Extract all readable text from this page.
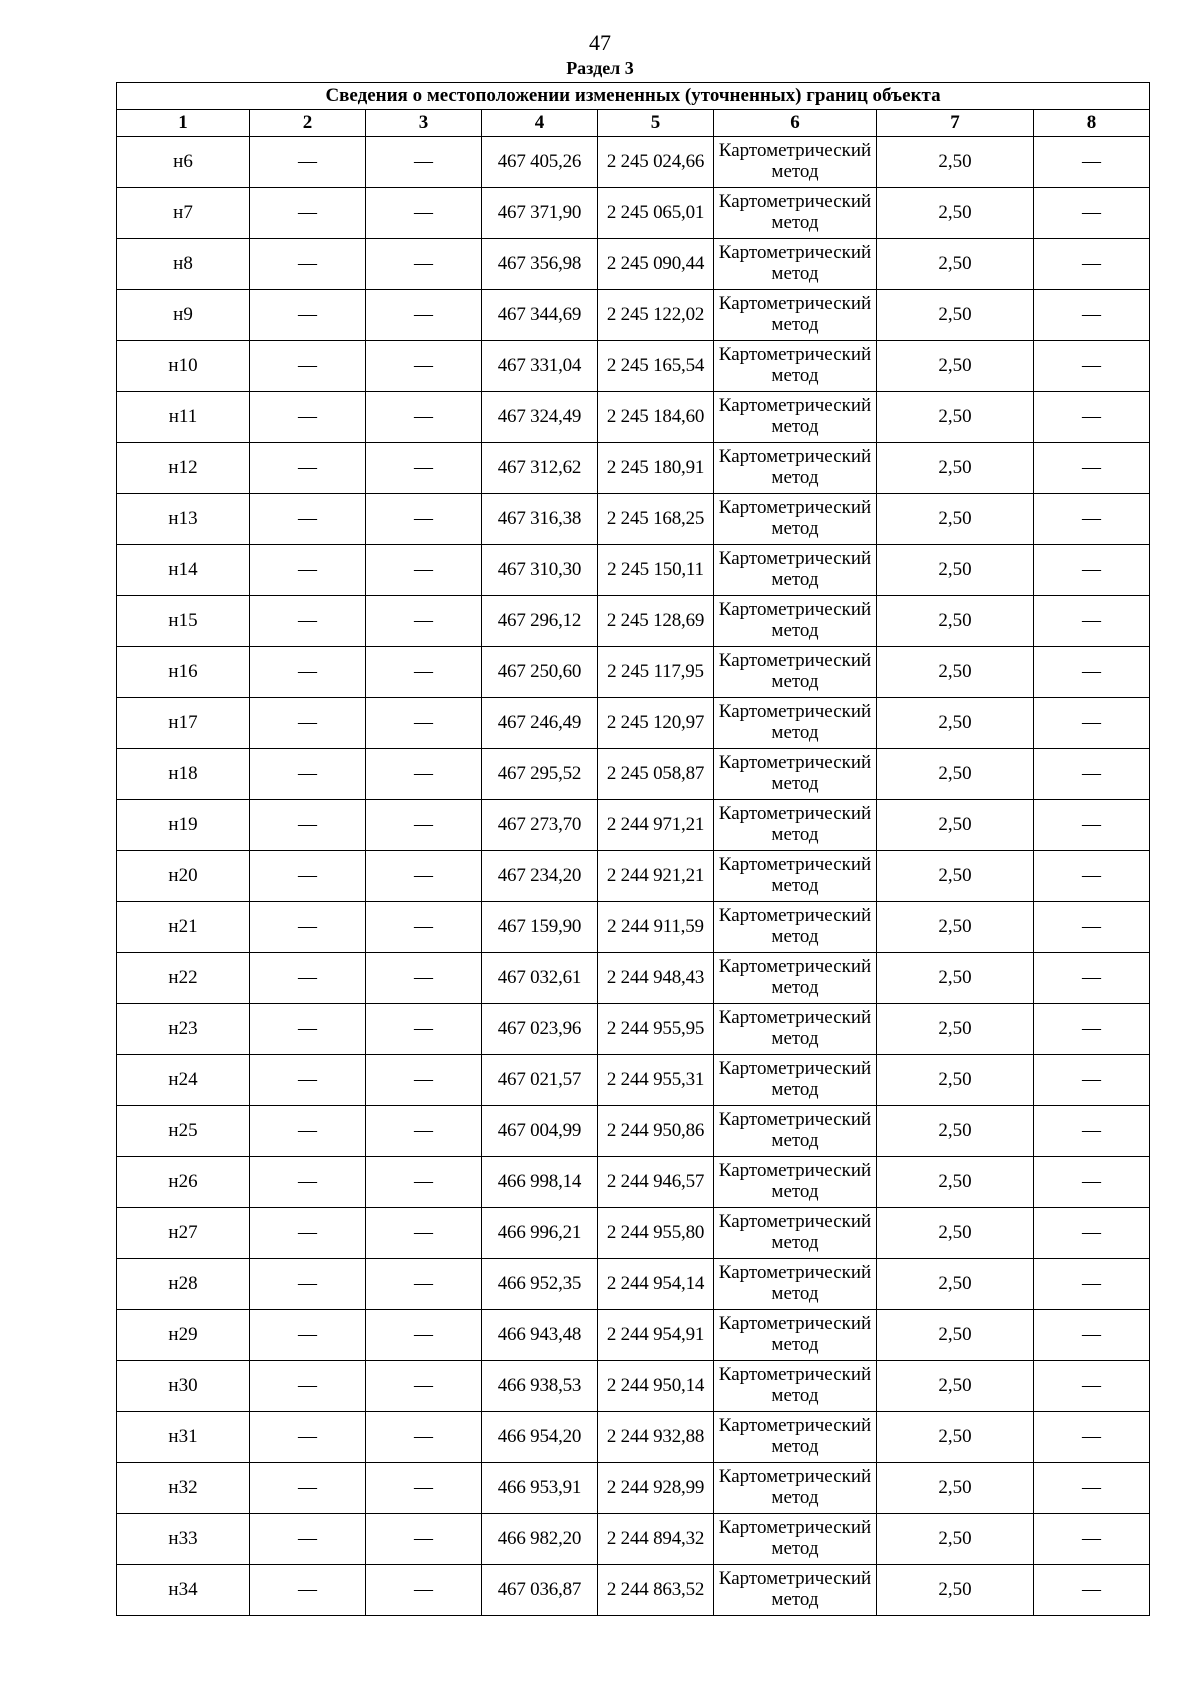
47
Раздел 3
Сведения о местоположении измененных (уточненных) границ объекта							
1	2	3	4	5	6	7	8
н6	—	—	467 405,26	2 245 024,66	Картометрический метод	2,50	—
н7	—	—	467 371,90	2 245 065,01	Картометрический метод	2,50	—
н8	—	—	467 356,98	2 245 090,44	Картометрический метод	2,50	—
н9	—	—	467 344,69	2 245 122,02	Картометрический метод	2,50	—
н10	—	—	467 331,04	2 245 165,54	Картометрический метод	2,50	—
н11	—	—	467 324,49	2 245 184,60	Картометрический метод	2,50	—
н12	—	—	467 312,62	2 245 180,91	Картометрический метод	2,50	—
н13	—	—	467 316,38	2 245 168,25	Картометрический метод	2,50	—
н14	—	—	467 310,30	2 245 150,11	Картометрический метод	2,50	—
н15	—	—	467 296,12	2 245 128,69	Картометрический метод	2,50	—
н16	—	—	467 250,60	2 245 117,95	Картометрический метод	2,50	—
н17	—	—	467 246,49	2 245 120,97	Картометрический метод	2,50	—
н18	—	—	467 295,52	2 245 058,87	Картометрический метод	2,50	—
н19	—	—	467 273,70	2 244 971,21	Картометрический метод	2,50	—
н20	—	—	467 234,20	2 244 921,21	Картометрический метод	2,50	—
н21	—	—	467 159,90	2 244 911,59	Картометрический метод	2,50	—
н22	—	—	467 032,61	2 244 948,43	Картометрический метод	2,50	—
н23	—	—	467 023,96	2 244 955,95	Картометрический метод	2,50	—
н24	—	—	467 021,57	2 244 955,31	Картометрический метод	2,50	—
н25	—	—	467 004,99	2 244 950,86	Картометрический метод	2,50	—
н26	—	—	466 998,14	2 244 946,57	Картометрический метод	2,50	—
н27	—	—	466 996,21	2 244 955,80	Картометрический метод	2,50	—
н28	—	—	466 952,35	2 244 954,14	Картометрический метод	2,50	—
н29	—	—	466 943,48	2 244 954,91	Картометрический метод	2,50	—
н30	—	—	466 938,53	2 244 950,14	Картометрический метод	2,50	—
н31	—	—	466 954,20	2 244 932,88	Картометрический метод	2,50	—
н32	—	—	466 953,91	2 244 928,99	Картометрический метод	2,50	—
н33	—	—	466 982,20	2 244 894,32	Картометрический метод	2,50	—
н34	—	—	467 036,87	2 244 863,52	Картометрический метод	2,50	—
